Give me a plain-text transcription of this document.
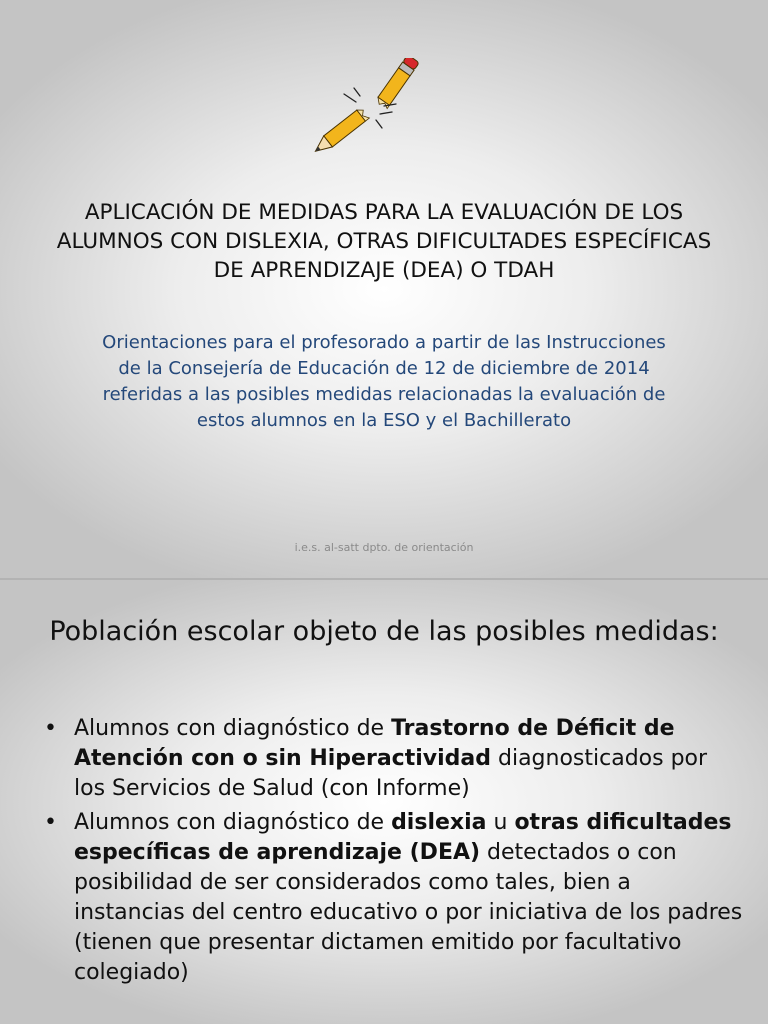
APLICACIÓN DE MEDIDAS PARA LA EVALUACIÓN DE LOS ALUMNOS CON DISLEXIA, OTRAS DIFICULTADES ESPECÍFICAS DE APRENDIZAJE (DEA) O TDAH
Orientaciones para el profesorado a partir de las Instrucciones de la Consejería de Educación de 12 de diciembre de 2014 referidas a las posibles medidas relacionadas la evaluación de estos alumnos en la ESO y el Bachillerato
i.e.s. al-satt dpto. de orientación
Población escolar objeto de las posibles medidas:
• Alumnos con diagnóstico de Trastorno de Déficit de Atención con o sin Hiperactividad diagnosticados por los Servicios de Salud (con Informe)
• Alumnos con diagnóstico de dislexia u otras dificultades específicas de aprendizaje (DEA) detectados o con posibilidad de ser considerados como tales, bien a instancias del centro educativo o por iniciativa de los padres (tienen que presentar dictamen emitido por facultativo colegiado)
